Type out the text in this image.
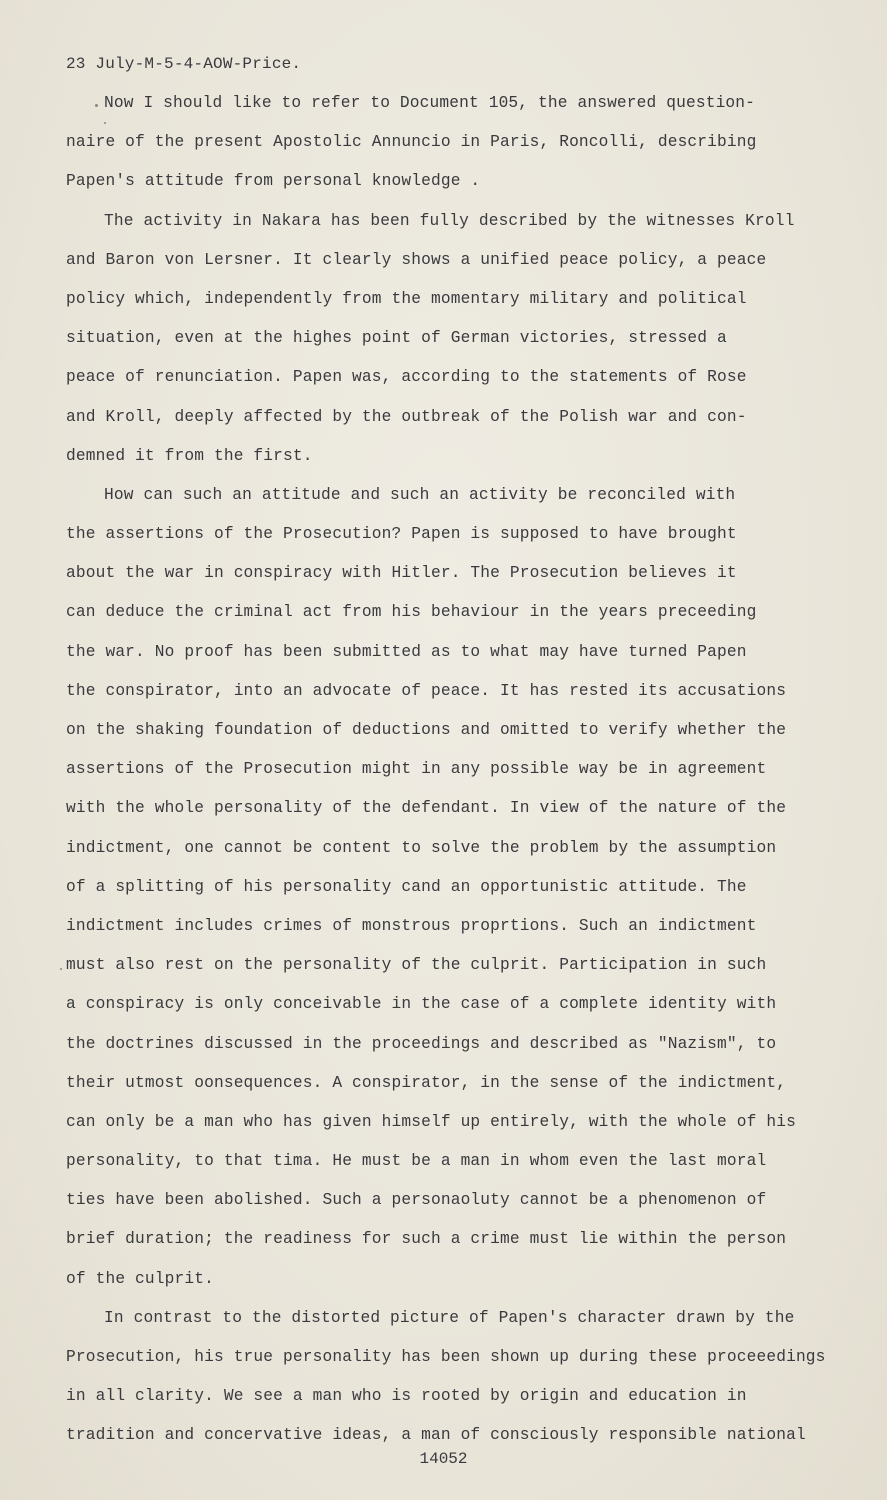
23 July-M-5-4-AOW-Price.
Now I should like to refer to Document 105, the answered question-
naire of the present Apostolic Annuncio in Paris, Roncolli, describing
Papen's attitude from personal knowledge .
The activity in Nakara has been fully described by the witnesses Kroll
and Baron von Lersner. It clearly shows a unified peace policy, a peace
policy which, independently from the momentary military and political
situation, even at the highes point of German victories, stressed a
peace of renunciation. Papen was, according to the statements of Rose
and Kroll, deeply affected by the outbreak of the Polish war and con-
demned it from the first.
How can such an attitude and such an activity be reconciled with
the assertions of the Prosecution? Papen is supposed to have brought
about the war in conspiracy with Hitler. The Prosecution believes it
can deduce the criminal act from his behaviour in the years preceeding
the war. No proof has been submitted as to what may have turned Papen
the conspirator, into an advocate of peace. It has rested its accusations
on the shaking foundation of deductions and omitted to verify whether the
assertions of the Prosecution might in any possible way be in agreement
with the whole personality of the defendant. In view of the nature of the
indictment, one cannot be content to solve the problem by the assumption
of a splitting of his personality cand an opportunistic attitude. The
indictment includes crimes of monstrous proprtions. Such an indictment
must also rest on the personality of the culprit. Participation in such
a conspiracy is only conceivable in the case of a complete identity with
the doctrines discussed in the proceedings and described as "Nazism", to
their utmost oonsequences. A conspirator, in the sense of the indictment,
can only be a man who has given himself up entirely, with the whole of his
personality, to that tima. He must be a man in whom even the last moral
ties have been abolished. Such a personaoluty cannot be a phenomenon of
brief duration; the readiness for such a crime must lie within the person
of the culprit.
In contrast to the distorted picture of Papen's character drawn by the
Prosecution, his true personality has been shown up during these proceeedings
in all clarity. We see a man who is rooted by origin and education in
tradition and concervative ideas, a man of consciously responsible national
14052
